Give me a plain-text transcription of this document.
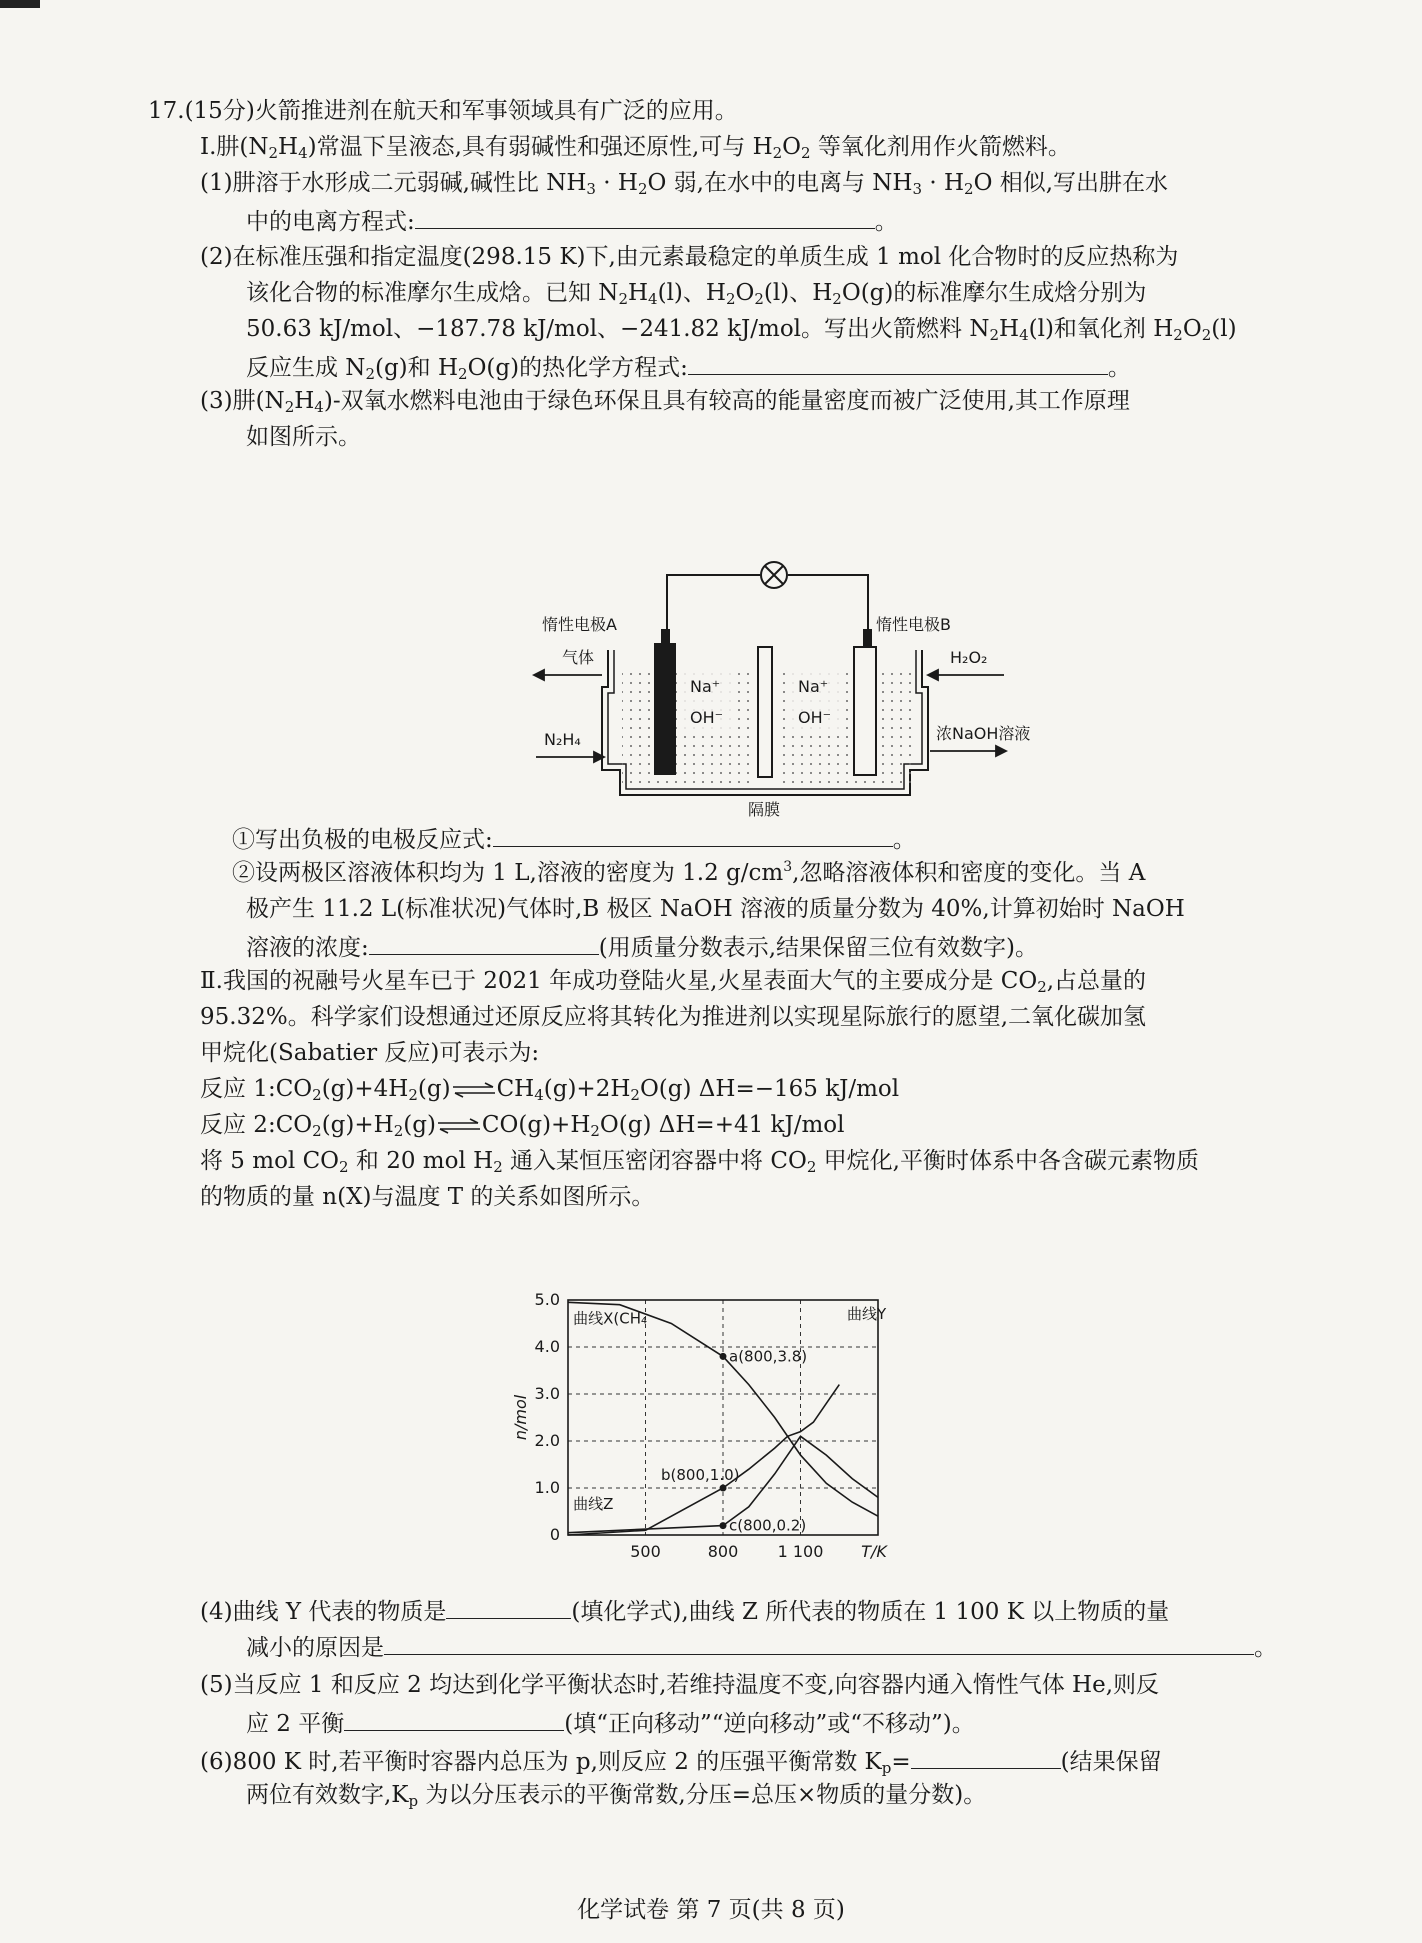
17.(15分)火箭推进剂在航天和军事领域具有广泛的应用。
Ⅰ.肼$(N_2H_4)$常温下呈液态,具有弱碱性和强还原性,可与 $H_2O_2$ 等氧化剂用作火箭燃料。
(1)肼溶于水形成二元弱碱,碱性比 $NH_3 \cdot H_2O$ 弱,在水中的电离与 $NH_3 \cdot H_2O$ 相似,写出肼在水
中的电离方程式:	。
(2)在标准压强和指定温度(298.15 K)下,由元素最稳定的单质生成 1 mol 化合物时的反应热称为
该化合物的标准摩尔生成焓。已知 $N_2H_4(l)$、$H_2O_2(l)$、$H_2O(g)$的标准摩尔生成焓分别为
50.63 kJ/mol、−187.78 kJ/mol、−241.82 kJ/mol。写出火箭燃料 $N_2H_4(l)$和氧化剂 $H_2O_2(l)$
反应生成 $N_2(g)$和 $H_2O(g)$的热化学方程式:	。
(3)肼$(N_2H_4)-$双氧水燃料电池由于绿色环保且具有较高的能量密度而被广泛使用,其工作原理
如图所示。
Na⁺
OH⁻
Na⁺
OH⁻
惰性电极A	惰性电极B
气体
N₂H₄
H₂O₂
浓NaOH溶液
隔膜
①写出负极的电极反应式:	。
②设两极区溶液体积均为 1 L,溶液的密度为 1.2 $g/cm^3$,忽略溶液体积和密度的变化。当 A
极产生 11.2 L(标准状况)气体时,B 极区 NaOH 溶液的质量分数为 40%,计算初始时 NaOH
溶液的浓度:	(用质量分数表示,结果保留三位有效数字)。
Ⅱ.我国的祝融号火星车已于 2021 年成功登陆火星,火星表面大气的主要成分是 $CO_2$,占总量的
95.32%。科学家们设想通过还原反应将其转化为推进剂以实现星际旅行的愿望,二氧化碳加氢
甲烷化(Sabatier 反应)可表示为:
反应 $1:CO_2(g)+4H_2(g)\rightleftharpoons CH_4(g)+2H_2O(g)$ ΔH=−165 kJ/mol
反应 $2:CO_2(g)+H_2(g)\rightleftharpoons CO(g)+H_2O(g)$ ΔH=+41 kJ/mol
将 5 mol $CO_2$ 和 20 mol $H_2$ 通入某恒压密闭容器中将 $CO_2$ 甲烷化,平衡时体系中各含碳元素物质
的物质的量 n(X)与温度 T 的关系如图所示。
0
1.0
2.0
3.0
4.0
5.0
500	800 1 100 T/K
n/mol
曲线X(CH₄	曲线Y
曲线Z
a(800,3.8)
b(800,1.0)
c(800,0.2)
(4)曲线 Y 代表的物质是	(填化学式),曲线 Z 所代表的物质在 1 100 K 以上物质的量
减小的原因是	。
(5)当反应 1 和反应 2 均达到化学平衡状态时,若维持温度不变,向容器内通入惰性气体 He,则反
应 2 平衡	(填“正向移动”“逆向移动”或“不移动”)。
(6)800 K 时,若平衡时容器内总压为 p,则反应 2 的压强平衡常数 $K_p=$	(结果保留
两位有效数字$,K_p$ 为以分压表示的平衡常数,分压=总压×物质的量分数)。
化学试卷 第 7 页(共 8 页)
